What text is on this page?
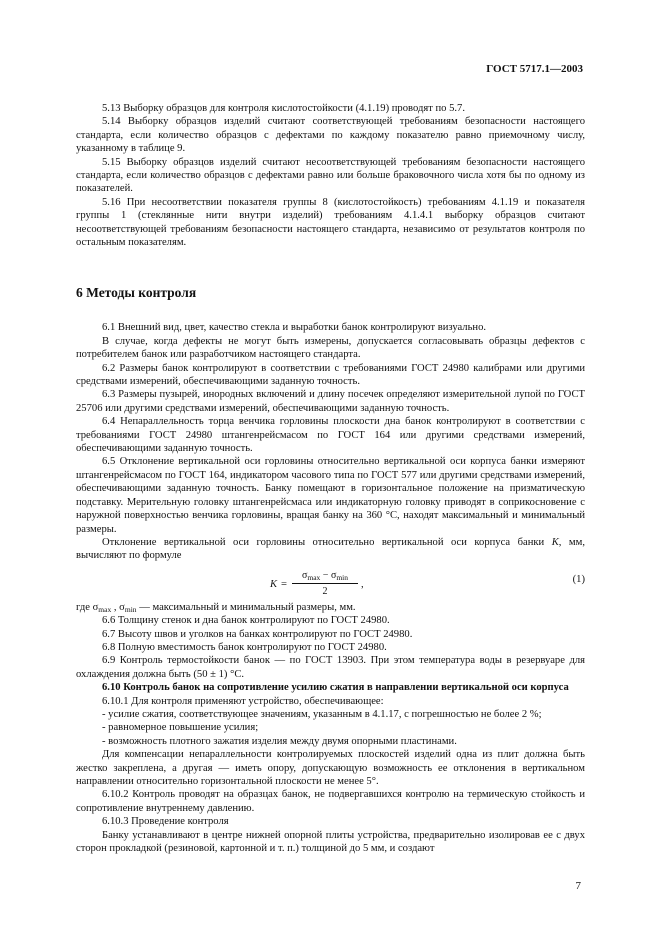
ГОСТ 5717.1—2003

5.13 Выборку образцов для контроля кислотостойкости (4.1.19) проводят по 5.7.

5.14 Выборку образцов изделий считают соответствующей требованиям безопасности настоящего стандарта, если количество образцов с дефектами по каждому показателю равно приемочному числу, указанному в таблице 9.

5.15 Выборку образцов изделий считают несоответствующей требованиям безопасности настоящего стандарта, если количество образцов с дефектами равно или больше браковочного числа хотя бы по одному из показателей.

5.16 При несоответствии показателя группы 8 (кислотостойкость) требованиям 4.1.19 и показателя группы 1 (стеклянные нити внутри изделий) требованиям 4.1.4.1 выборку образцов считают несоответствующей требованиям безопасности настоящего стандарта, независимо от результатов контроля по остальным показателям.

6 Методы контроля

6.1 Внешний вид, цвет, качество стекла и выработки банок контролируют визуально.

В случае, когда дефекты не могут быть измерены, допускается согласовывать образцы дефектов с потребителем банок или разработчиком настоящего стандарта.

6.2 Размеры банок контролируют в соответствии с требованиями ГОСТ 24980 калибрами или другими средствами измерений, обеспечивающими заданную точность.

6.3 Размеры пузырей, инородных включений и длину посечек определяют измерительной лупой по ГОСТ 25706 или другими средствами измерений, обеспечивающими заданную точность.

6.4 Непараллельность торца венчика горловины плоскости дна банок контролируют в соответствии с требованиями ГОСТ 24980 штангенрейсмасом по ГОСТ 164 или другими средствами измерений, обеспечивающими заданную точность.

6.5 Отклонение вертикальной оси горловины относительно вертикальной оси корпуса банки измеряют штангенрейсмасом по ГОСТ 164, индикатором часового типа по ГОСТ 577 или другими средствами измерений, обеспечивающими заданную точность. Банку помещают в горизонтальное положение на призматическую подставку. Мерительную головку штангенрейсмаса или индикаторную головку приводят в соприкосновение с наружной поверхностью венчика горловины, вращая банку на 360 °С, находят максимальный и минимальный размеры.

Отклонение вертикальной оси горловины относительно вертикальной оси корпуса банки K, мм, вычисляют по формуле

K =
$\sigma_{max} - \sigma_{min}$
2
,	(1)

где $\sigma_{max}$ , $\sigma_{min}$ — максимальный и минимальный размеры, мм.

6.6 Толщину стенок и дна банок контролируют по ГОСТ 24980.

6.7 Высоту швов и уголков на банках контролируют по ГОСТ 24980.

6.8 Полную вместимость банок контролируют по ГОСТ 24980.

6.9 Контроль термостойкости банок — по ГОСТ 13903. При этом температура воды в резервуаре для охлаждения должна быть (50 ± 1) °С.

6.10 Контроль банок на сопротивление усилию сжатия в направлении вертикальной оси корпуса

6.10.1 Для контроля применяют устройство, обеспечивающее:

- усилие сжатия, соответствующее значениям, указанным в 4.1.17, с погрешностью не более 2 %;

- равномерное повышение усилия;

- возможность плотного зажатия изделия между двумя опорными пластинами.

Для компенсации непараллельности контролируемых плоскостей изделий одна из плит должна быть жестко закреплена, а другая — иметь опору, допускающую возможность ее отклонения в вертикальном направлении относительно горизонтальной плоскости не менее 5°.

6.10.2 Контроль проводят на образцах банок, не подвергавшихся контролю на термическую стойкость и сопротивление внутреннему давлению.

6.10.3 Проведение контроля

Банку устанавливают в центре нижней опорной плиты устройства, предварительно изолировав ее с двух сторон прокладкой (резиновой, картонной и т. п.) толщиной до 5 мм, и создают

7
